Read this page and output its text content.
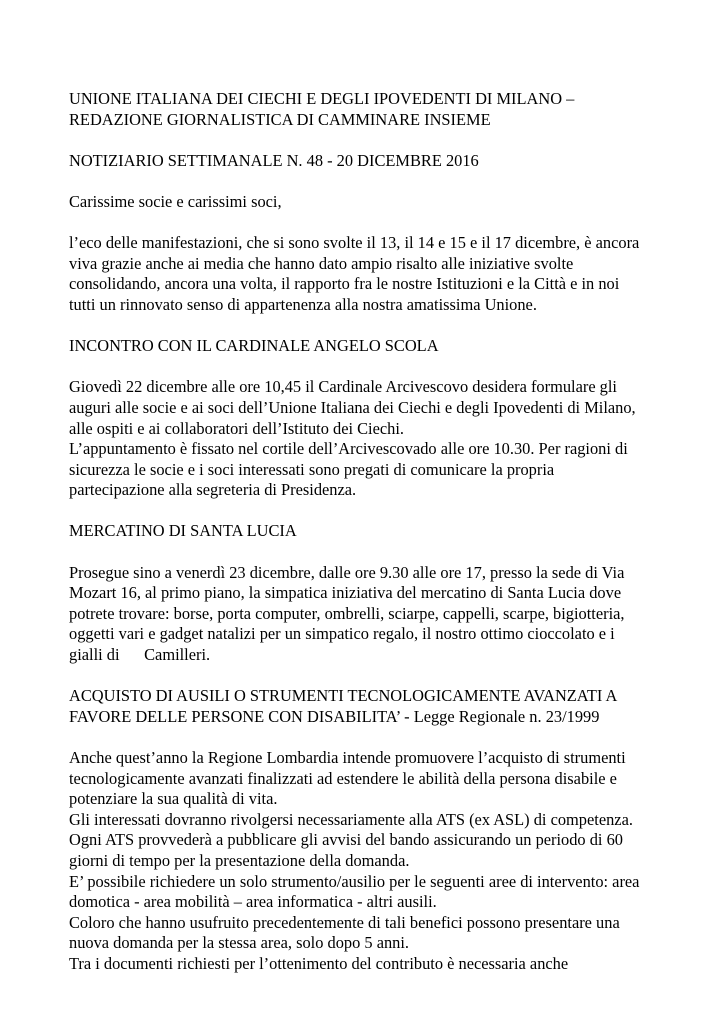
UNIONE ITALIANA DEI CIECHI E DEGLI IPOVEDENTI DI MILANO –
REDAZIONE GIORNALISTICA DI CAMMINARE INSIEME
NOTIZIARIO SETTIMANALE N. 48 - 20 DICEMBRE 2016
Carissime socie e carissimi soci,
l’eco delle manifestazioni, che si sono svolte il 13, il 14 e 15 e il 17 dicembre, è ancora
viva grazie anche ai media che hanno dato ampio risalto alle iniziative svolte
consolidando, ancora una volta, il rapporto fra le nostre Istituzioni e la Città e in noi
tutti un rinnovato senso di appartenenza alla nostra amatissima Unione.
INCONTRO CON IL CARDINALE ANGELO SCOLA
Giovedì 22 dicembre alle ore 10,45 il Cardinale Arcivescovo desidera formulare gli
auguri alle socie e ai soci dell’Unione Italiana dei Ciechi e degli Ipovedenti di Milano,
alle ospiti e ai collaboratori dell’Istituto dei Ciechi.
L’appuntamento è fissato nel cortile dell’Arcivescovado alle ore 10.30. Per ragioni di
sicurezza le socie e i soci interessati sono pregati di comunicare la propria
partecipazione alla segreteria di Presidenza.
MERCATINO DI SANTA LUCIA
Prosegue sino a venerdì 23 dicembre, dalle ore 9.30 alle ore 17, presso la sede di Via
Mozart 16, al primo piano, la simpatica iniziativa del mercatino di Santa Lucia dove
potrete trovare: borse, porta computer, ombrelli, sciarpe, cappelli, scarpe, bigiotteria,
oggetti vari e gadget natalizi per un simpatico regalo, il nostro ottimo cioccolato e i
gialli di      Camilleri.
ACQUISTO DI AUSILI O STRUMENTI TECNOLOGICAMENTE AVANZATI A
FAVORE DELLE PERSONE CON DISABILITA’ - Legge Regionale n. 23/1999
Anche quest’anno la Regione Lombardia intende promuovere l’acquisto di strumenti
tecnologicamente avanzati finalizzati ad estendere le abilità della persona disabile e
potenziare la sua qualità di vita.
Gli interessati dovranno rivolgersi necessariamente alla ATS (ex ASL) di competenza.
Ogni ATS provvederà a pubblicare gli avvisi del bando assicurando un periodo di 60
giorni di tempo per la presentazione della domanda.
E’ possibile richiedere un solo strumento/ausilio per le seguenti aree di intervento: area
domotica - area mobilità – area informatica - altri ausili.
Coloro che hanno usufruito precedentemente di tali benefici possono presentare una
nuova domanda per la stessa area, solo dopo 5 anni.
Tra i documenti richiesti per l’ottenimento del contributo è necessaria anche
